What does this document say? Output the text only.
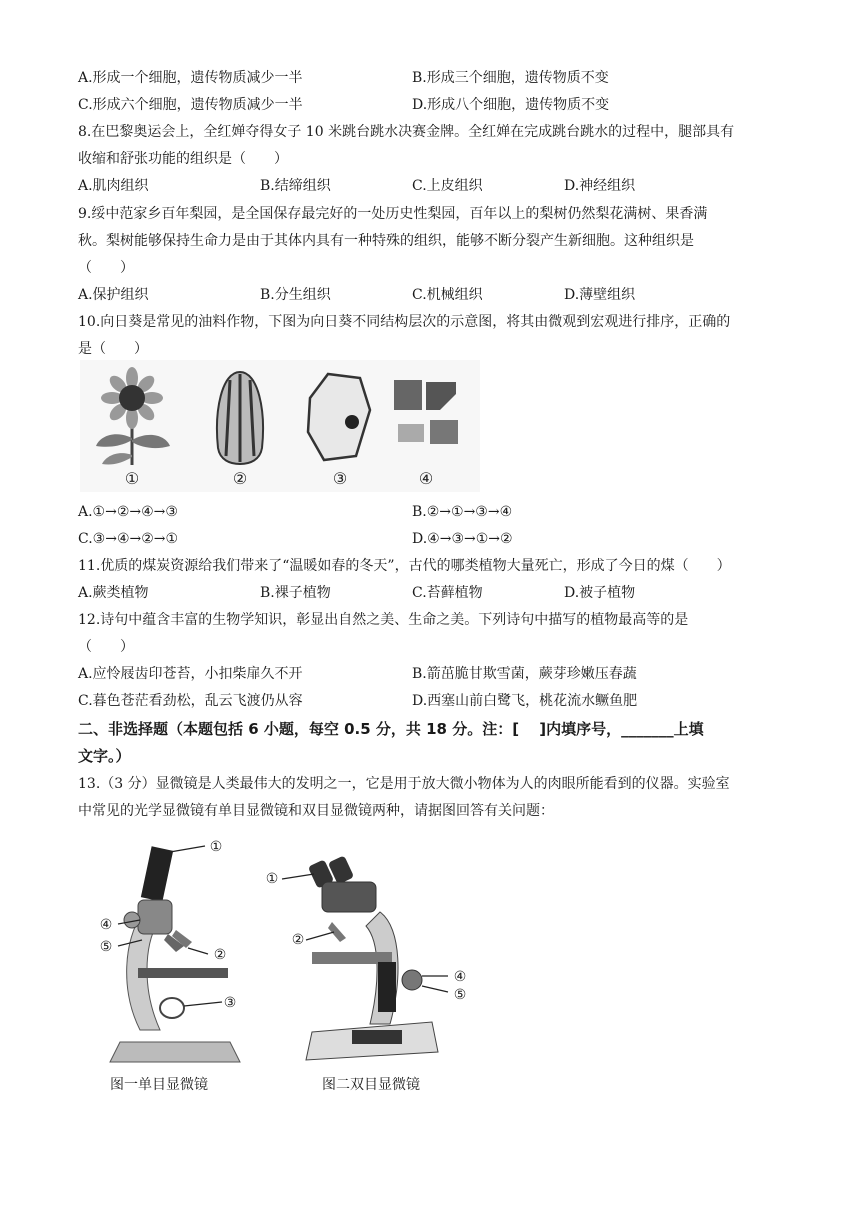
A.形成一个细胞，遗传物质减少一半	B.形成三个细胞，遗传物质不变
C.形成六个细胞，遗传物质减少一半	D.形成八个细胞，遗传物质不变
8.在巴黎奥运会上，全红婵夺得女子 10 米跳台跳水决赛金牌。全红婵在完成跳台跳水的过程中，腿部具有
收缩和舒张功能的组织是（　　）
A.肌肉组织	B.结缔组织	C.上皮组织	D.神经组织
9.绥中范家乡百年梨园，是全国保存最完好的一处历史性梨园，百年以上的梨树仍然梨花满树、果香满
秋。梨树能够保持生命力是由于其体内具有一种特殊的组织，能够不断分裂产生新细胞。这种组织是
（　　）
A.保护组织	B.分生组织	C.机械组织	D.薄壁组织
10.向日葵是常见的油料作物，下图为向日葵不同结构层次的示意图，将其由微观到宏观进行排序，正确的
是（　　）
①	②	③	④
A.①→②→④→③	B.②→①→③→④
C.③→④→②→①	D.④→③→①→②
11.优质的煤炭资源给我们带来了“温暖如春的冬天”，古代的哪类植物大量死亡，形成了今日的煤（　　）
A.蕨类植物	B.裸子植物	C.苔藓植物	D.被子植物
12.诗句中蕴含丰富的生物学知识，彰显出自然之美、生命之美。下列诗句中描写的植物最高等的是
（　　）
A.应怜屐齿印苍苔，小扣柴扉久不开	B.箭茁脆甘欺雪菌，蕨芽珍嫩压春蔬
C.暮色苍茫看劲松，乱云飞渡仍从容	D.西塞山前白鹭飞，桃花流水鳜鱼肥
二、非选择题（本题包括 6 小题，每空 0.5 分，共 18 分。注：[　 ]内填序号，_______上填
文字。）
13.（3 分）显微镜是人类最伟大的发明之一，它是用于放大微小物体为人的肉眼所能看到的仪器。实验室
中常见的光学显微镜有单目显微镜和双目显微镜两种，请据图回答有关问题：
①
②
③
④
⑤
①
②
④
⑤
图一单目显微镜	图二双目显微镜
